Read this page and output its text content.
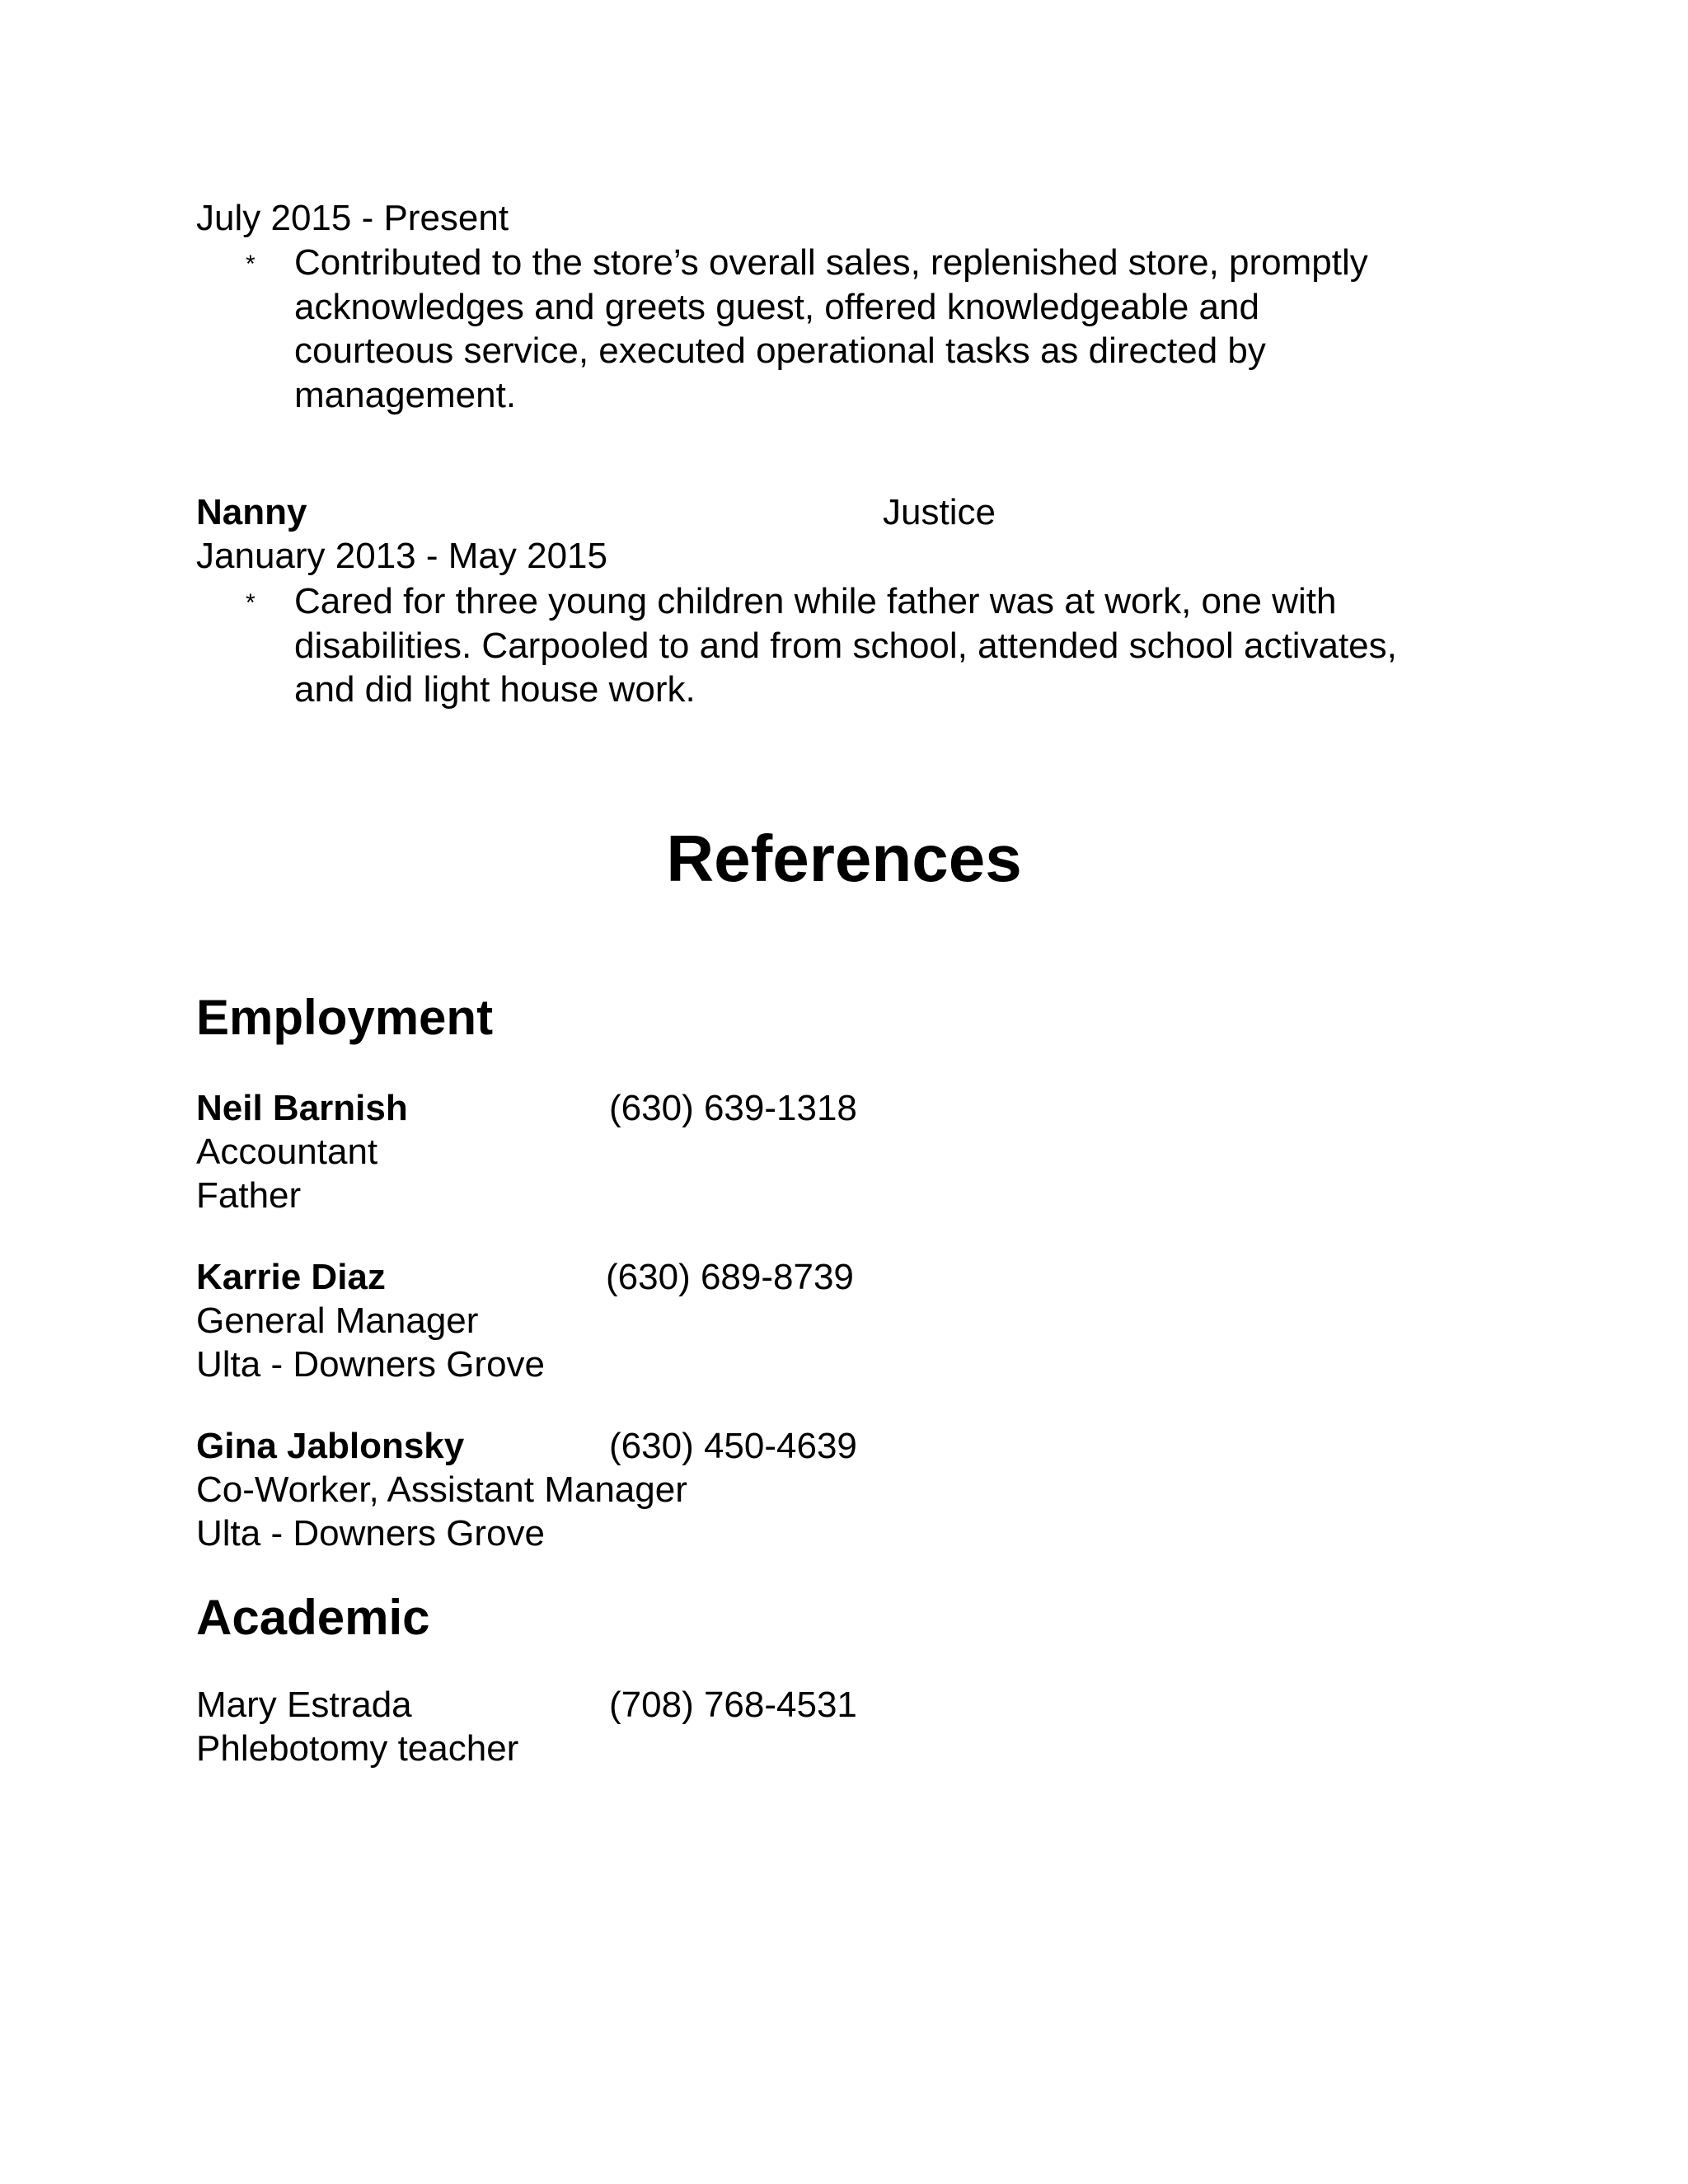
July 2015 - Present
* Contributed to the store’s overall sales, replenished store, promptly
acknowledges and greets guest, offered knowledgeable and
courteous service, executed operational tasks as directed by
management.
Nanny	Justice
January 2013 - May 2015
* Cared for three young children while father was at work, one with
disabilities. Carpooled to and from school, attended school activates,
and did light house work.
References
Employment
Neil Barnish	(630) 639-1318
Accountant
Father
Karrie Diaz	(630) 689-8739
General Manager
Ulta - Downers Grove
Gina Jablonsky	(630) 450-4639
Co-Worker, Assistant Manager
Ulta - Downers Grove
Academic
Mary Estrada	(708) 768-4531
Phlebotomy teacher
